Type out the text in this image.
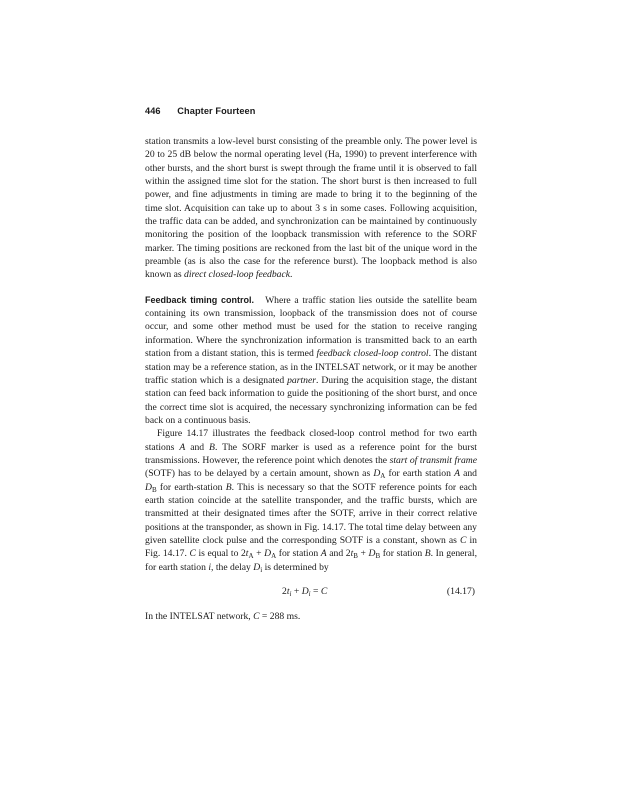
446 Chapter Fourteen

station transmits a low-level burst consisting of the preamble only. The power level is 20 to 25 dB below the normal operating level (Ha, 1990) to prevent interference with other bursts, and the short burst is swept through the frame until it is observed to fall within the assigned time slot for the station. The short burst is then increased to full power, and fine adjustments in timing are made to bring it to the beginning of the time slot. Acquisition can take up to about 3 s in some cases. Following acquisition, the traffic data can be added, and synchronization can be maintained by continuously monitoring the position of the loopback transmission with reference to the SORF marker. The timing positions are reckoned from the last bit of the unique word in the preamble (as is also the case for the reference burst). The loopback method is also known as direct closed-loop feedback.

Feedback timing control. Where a traffic station lies outside the satellite beam containing its own transmission, loopback of the transmission does not of course occur, and some other method must be used for the station to receive ranging information. Where the synchronization information is transmitted back to an earth station from a distant station, this is termed feedback closed-loop control. The distant station may be a reference station, as in the INTELSAT network, or it may be another traffic station which is a designated partner. During the acquisition stage, the distant station can feed back information to guide the positioning of the short burst, and once the correct time slot is acquired, the necessary synchronizing information can be fed back on a continuous basis.

Figure 14.17 illustrates the feedback closed-loop control method for two earth stations A and B. The SORF marker is used as a reference point for the burst transmissions. However, the reference point which denotes the start of transmit frame (SOTF) has to be delayed by a certain amount, shown as $D_A$ for earth station A and $D_B$ for earth-station B. This is necessary so that the SOTF reference points for each earth station coincide at the satellite transponder, and the traffic bursts, which are transmitted at their designated times after the SOTF, arrive in their correct relative positions at the transponder, as shown in Fig. 14.17. The total time delay between any given satellite clock pulse and the corresponding SOTF is a constant, shown as C in Fig. 14.17. C is equal to $2t_A + D_A$ for station A and $2t_B + D_B$ for station B. In general, for earth station i, the delay $D_i$ is determined by

$2t_i + D_i = C$	(14.17)

In the INTELSAT network, C = 288 ms.
